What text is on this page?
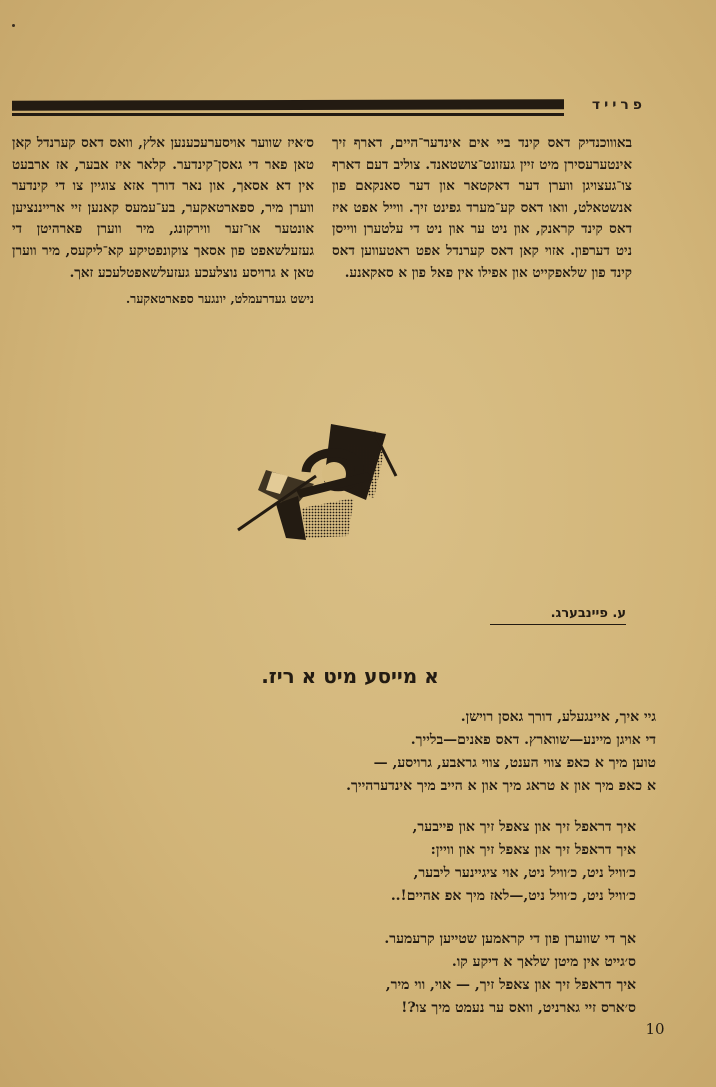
פרייד

באוווכנדיק דאס קינד ביי אים אינדער־היים, דארף זיך אינטערעסירן מיט זיין געזונט־צושטאנד. צוליב דעם דארף צו־געצויגן ווערן דער דאקטאר און דער סאנקאם פון אנשטאלט, וואו דאס קע־מערד גפינט זיך. ווייל אפט איז דאס קינד קראנק, און ניט ער און ניט די עלטערן ווייסן ניט דערפון. אזוי קאן דאס קערנדל אפט ראטעווען דאס קינד פון שלאפקייט און אפילו אין פאל פון א סאקאנע.

ס׳איז שווער אויסערעכענען אלץ, וואס דאס קערנדל קאן טאן פאר די גאסן־קינדער. קלאר איז אבער, אז ארבעט אין דא אסאך, און נאר דורך אזא צוגיין צו די קינדער ווערן מיר, ספארטאקער, בע־עמעס קאנען זיי ארייננציען אונטער או־זער ווירקונג, מיר ווערן פארהיטן די געזעלשאפט פון אסאך צוקונפטיקע קא־ליקעס, מיר ווערן טאן א גרויסע נוצלעכע געזעלשאפטלעכע זאך.

נישט געדרעמלט, יונגער ספארטאקער.

ע. פיינבערג.
א מייסע מיט א ריז.
גיי איך, איינגעלע, דורך גאסן רוישן.
די אויגן מיינע—שווארץ. דאס פאנים—בלייך.
טוען מיך א כאפ צווי הענט, צווי גראבע, גרויסע, —
א כאפ מיך און א טראג מיך און א הייב מיך אינדערהייך.
איך דראפל זיך און צאפל זיך און פייבער,
איך דראפל זיך און צאפל זיך און וויין:
כ׳וויל ניט, כ׳וויל ניט, אוי ציגיינער ליבער,
כ׳וויל ניט, כ׳וויל ניט,—לאז מיך אפ אהיים!..
אך די שווערן פון די קראמען שטייען קרעמער.
ס׳גייט אין מיטן שלאך א דיקע קו.
איך דראפל זיך און צאפל זיך, — אוי, ווי מיר,
ס׳ארס זיי גארניט, וואס ער נעמט מיך צו?!
10
